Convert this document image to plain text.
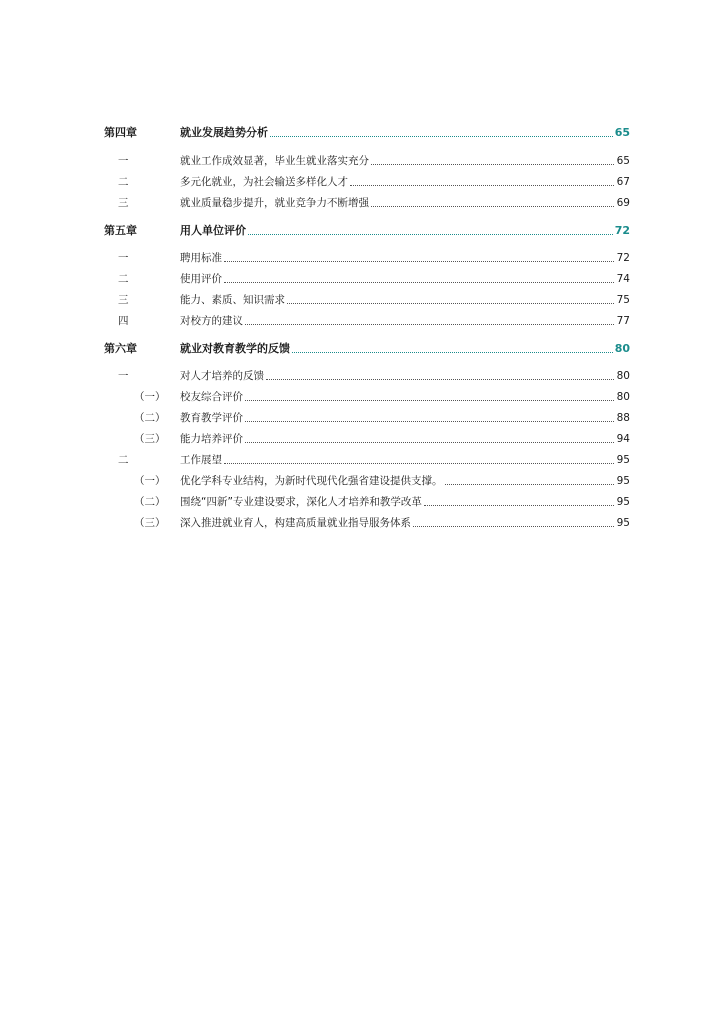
第四章	就业发展趋势分析	65
一	就业工作成效显著，毕业生就业落实充分	65
二	多元化就业，为社会输送多样化人才	67
三	就业质量稳步提升，就业竞争力不断增强	69
第五章	用人单位评价	72
一	聘用标准	72
二	使用评价	74
三	能力、素质、知识需求	75
四	对校方的建议	77
第六章	就业对教育教学的反馈	80
一	对人才培养的反馈	80
（一） 校友综合评价	80
（二） 教育教学评价	88
（三） 能力培养评价	94
二	工作展望	95
（一） 优化学科专业结构，为新时代现代化强省建设提供支撑。	95
（二） 围绕“四新”专业建设要求，深化人才培养和教学改革	95
（三） 深入推进就业育人，构建高质量就业指导服务体系	95
